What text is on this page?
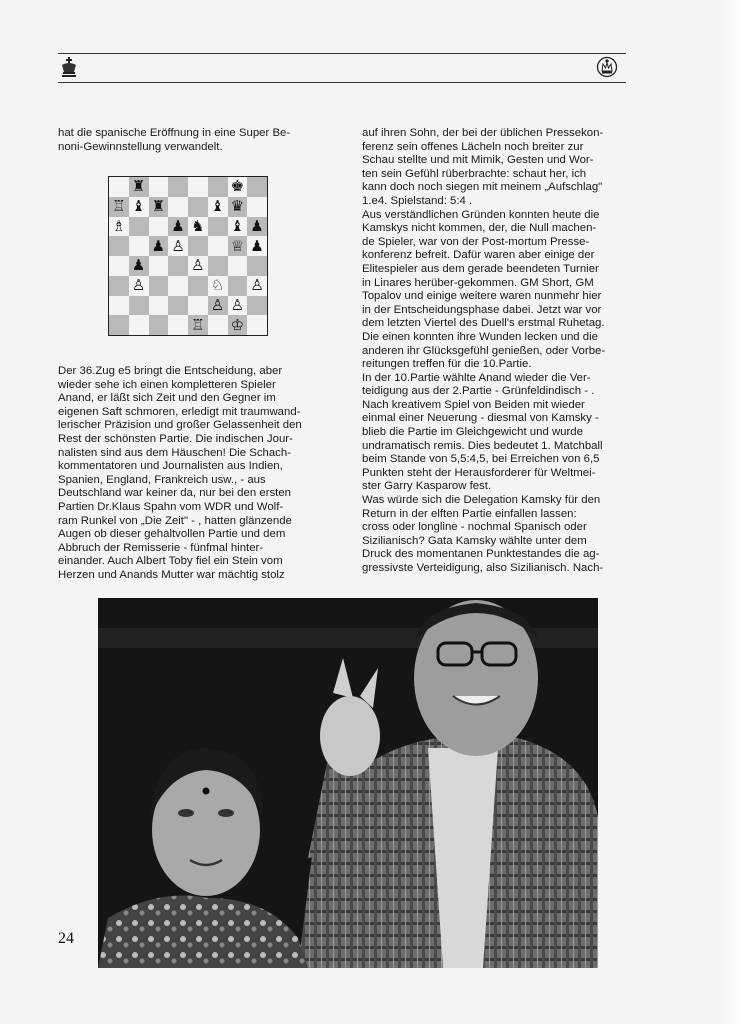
hat die spanische Eröffnung in eine Super Be-

noni-Gewinnstellung verwandelt.

♜	♚
♖ ♝ ♜	♝ ♛
♗	♟ ♞ ♝ ♟
♟ ♙	♕ ♟
♟	♙
♙	♘ ♙
♙ ♙
♖ ♔

Der 36.Zug e5 bringt die Entscheidung, aber

wieder sehe ich einen kompletteren Spieler

Anand, er läßt sich Zeit und den Gegner im

eigenen Saft schmoren, erledigt mit traumwand-

lerischer Präzision und großer Gelassenheit den

Rest der schönsten Partie. Die indischen Jour-

nalisten sind aus dem Häuschen! Die Schach-

kommentatoren und Journalisten aus Indien,

Spanien, England, Frankreich usw., - aus

Deutschland war keiner da, nur bei den ersten

Partien Dr.Klaus Spahn vom WDR und Wolf-

ram Runkel von „Die Zeit" - , hatten glänzende

Augen ob dieser gehaltvollen Partie und dem

Abbruch der Remisserie - fünfmal hinter-

einander. Auch Albert Toby fiel ein Stein vom

Herzen und Anands Mutter war mächtig stolz

auf ihren Sohn, der bei der üblichen Pressekon-

ferenz sein offenes Lächeln noch breiter zur

Schau stellte und mit Mimik, Gesten und Wor-

ten sein Gefühl rüberbrachte: schaut her, ich

kann doch noch siegen mit meinem „Aufschlag"

1.e4. Spielstand: 5:4 .

Aus verständlichen Gründen konnten heute die

Kamskys nicht kommen, der, die Null machen-

de Spieler, war von der Post-mortum Presse-

konferenz befreit. Dafür waren aber einige der

Elitespieler aus dem gerade beendeten Turnier

in Linares herüber-gekommen. GM Short, GM

Topalov und einige weitere waren nunmehr hier

in der Entscheidungsphase dabei. Jetzt war vor

dem letzten Viertel des Duell's erstmal Ruhetag.

Die einen konnten ihre Wunden lecken und die

anderen ihr Glücksgefühl genießen, oder Vorbe-

reitungen treffen für die 10.Partie.

In der 10.Partie wählte Anand wieder die Ver-

teidigung aus der 2.Partie - Grünfeldindisch - .

Nach kreativem Spiel von Beiden mit wieder

einmal einer Neuerung - diesmal von Kamsky -

blieb die Partie im Gleichgewicht und wurde

undramatisch remis. Dies bedeutet 1. Matchball

beim Stande von 5,5:4,5, bei Erreichen von 6,5

Punkten steht der Herausforderer für Weltmei-

ster Garry Kasparow fest.

Was würde sich die Delegation Kamsky für den

Return in der elften Partie einfallen lassen:

cross oder longline - nochmal Spanisch oder

Sizilianisch? Gata Kamsky wählte unter dem

Druck des momentanen Punktestandes die ag-

gressivste Verteidigung, also Sizilianisch. Nach-

24
